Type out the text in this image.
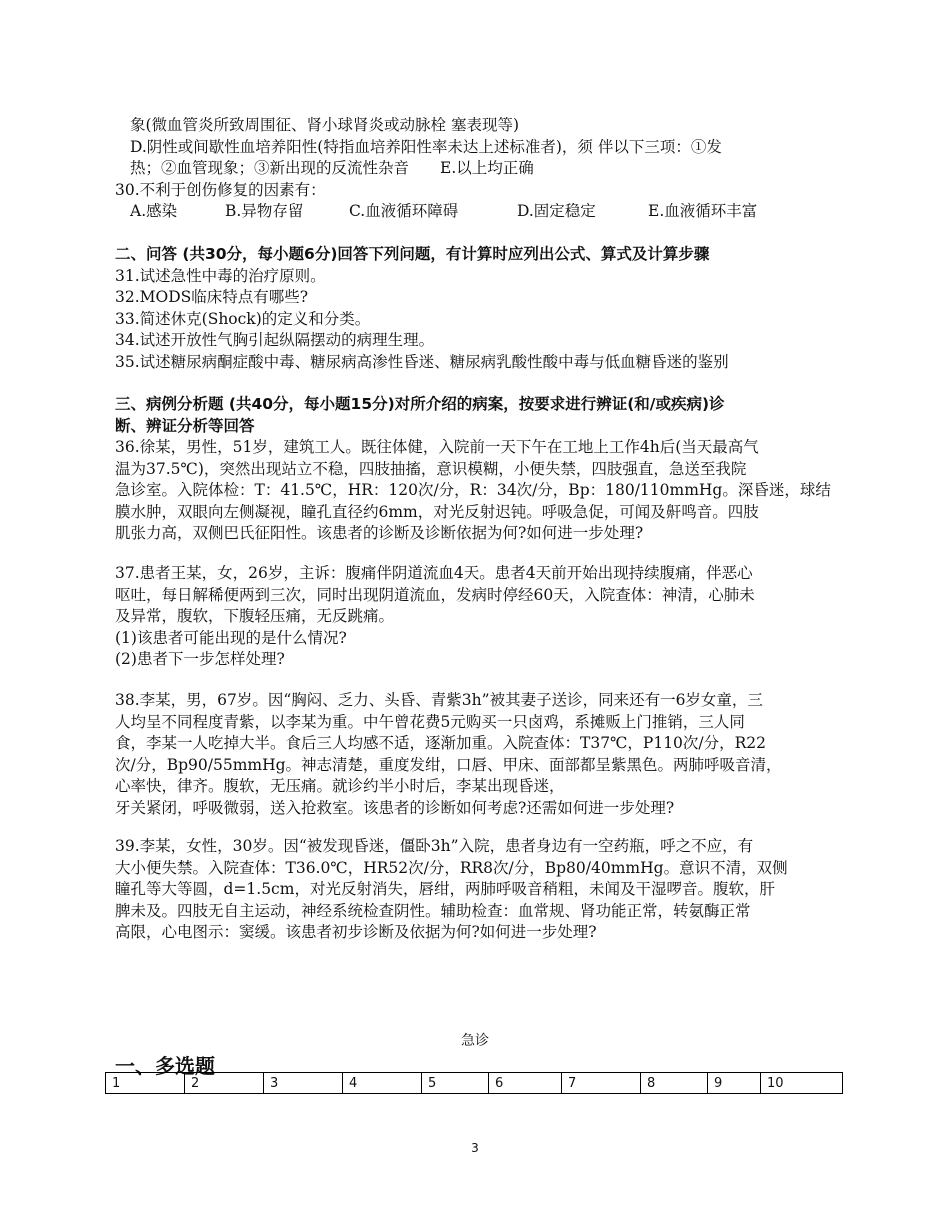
象(微血管炎所致周围征、肾小球肾炎或动脉栓 塞表现等)
D.阴性或间歇性血培养阳性(特指血培养阳性率未达上述标准者)，须 伴以下三项：①发
热；②血管现象；③新出现的反流性杂音　　E.以上均正确
30.不利于创伤修复的因素有：
A.感染	B.异物存留	C.血液循环障碍	D.固定稳定	E.血液循环丰富
二、问答 (共30分，每小题6分)回答下列问题，有计算时应列出公式、算式及计算步骤
31.试述急性中毒的治疗原则。
32.MODS临床特点有哪些?
33.简述休克(Shock)的定义和分类。
34.试述开放性气胸引起纵隔摆动的病理生理。
35.试述糖尿病酮症酸中毒、糖尿病高渗性昏迷、糖尿病乳酸性酸中毒与低血糖昏迷的鉴别
三、病例分析题 (共40分，每小题15分)对所介绍的病案，按要求进行辨证(和/或疾病)诊
断、辨证分析等回答
36.徐某，男性，51岁，建筑工人。既往体健，入院前一天下午在工地上工作4h后(当天最高气
温为37.5℃)，突然出现站立不稳，四肢抽搐，意识模糊，小便失禁，四肢强直，急送至我院
急诊室。入院体检：T：41.5℃，HR：120次/分，R：34次/分，Bp：180/110mmHg。深昏迷，球结
膜水肿，双眼向左侧凝视，瞳孔直径约6mm，对光反射迟钝。呼吸急促，可闻及鼾鸣音。四肢
肌张力高，双侧巴氏征阳性。该患者的诊断及诊断依据为何?如何进一步处理?
37.患者王某，女，26岁，主诉：腹痛伴阴道流血4天。患者4天前开始出现持续腹痛，伴恶心
呕吐，每日解稀便两到三次，同时出现阴道流血，发病时停经60天，入院查体：神清，心肺未
及异常，腹软，下腹轻压痛，无反跳痛。
(1)该患者可能出现的是什么情况?
(2)患者下一步怎样处理?
38.李某，男，67岁。因“胸闷、乏力、头昏、青紫3h”被其妻子送诊，同来还有一6岁女童，三
人均呈不同程度青紫，以李某为重。中午曾花费5元购买一只卤鸡，系摊贩上门推销，三人同
食，李某一人吃掉大半。食后三人均感不适，逐渐加重。入院查体：T37℃，P110次/分，R22
次/分，Bp90/55mmHg。神志清楚，重度发绀，口唇、甲床、面部都呈紫黑色。两肺呼吸音清，
心率快，律齐。腹软，无压痛。就诊约半小时后，李某出现昏迷，
牙关紧闭，呼吸微弱，送入抢救室。该患者的诊断如何考虑?还需如何进一步处理?
39.李某，女性，30岁。因“被发现昏迷，僵卧3h”入院，患者身边有一空药瓶，呼之不应，有
大小便失禁。入院查体：T36.0℃，HR52次/分，RR8次/分，Bp80/40mmHg。意识不清，双侧
瞳孔等大等圆，d=1.5cm，对光反射消失，唇绀，两肺呼吸音稍粗，未闻及干湿啰音。腹软，肝
脾未及。四肢无自主运动，神经系统检查阴性。辅助检查：血常规、肾功能正常，转氨酶正常
高限，心电图示：窦缓。该患者初步诊断及依据为何?如何进一步处理?
急诊
一、多选题
1	2	3	4	5	6	7	8	9	10
3
